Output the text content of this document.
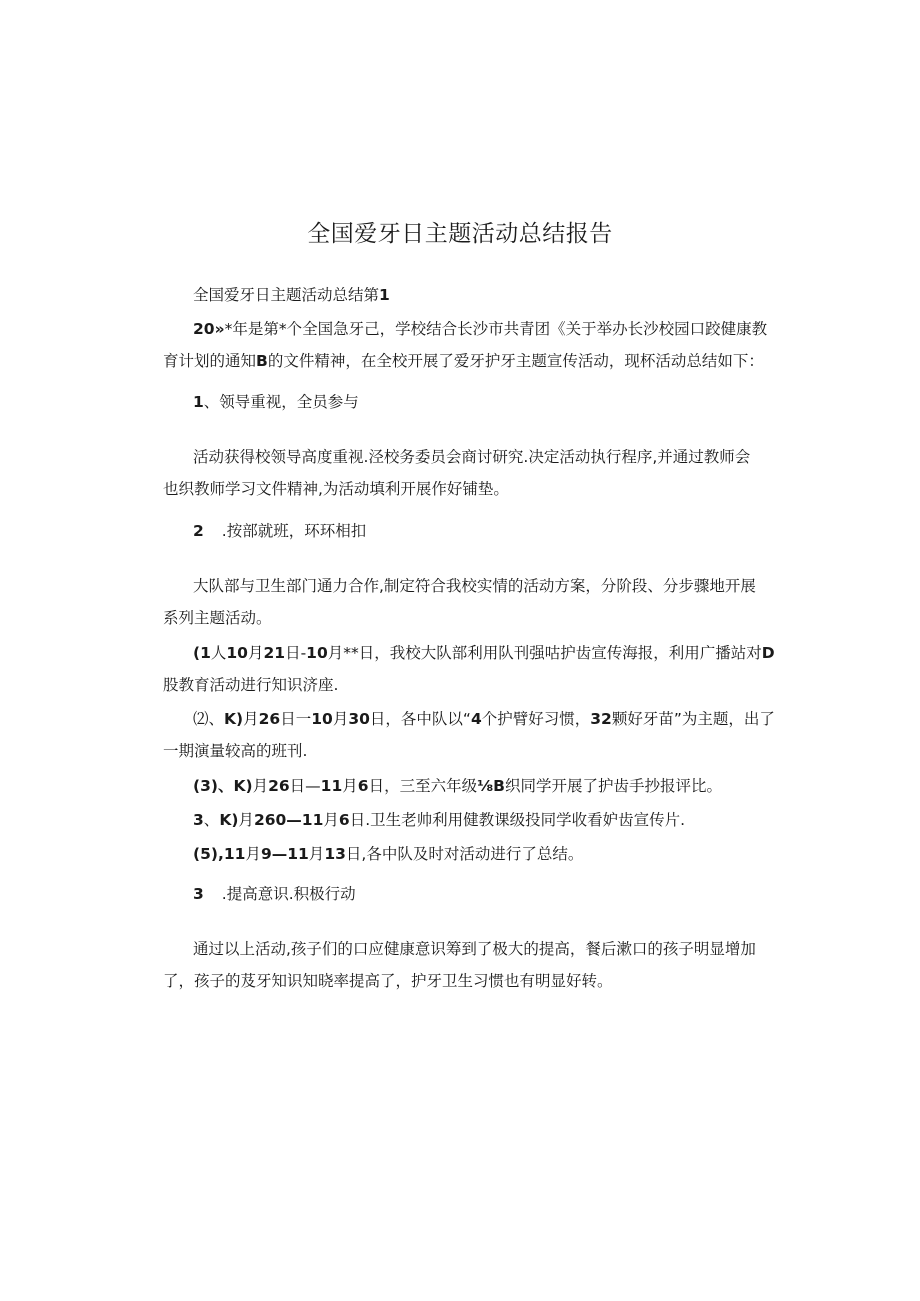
全国爱牙日主题活动总结报告
全国爱牙日主题活动总结第1
20»*年是第*个全国急牙己，学校结合长沙市共青团《关于举办长沙校园口跤健康教
育计划的通知B的文件精神，在全校开展了爱牙护牙主题宣传活动，现杯活动总结如下：
1、领导重视，全员参与
活动获得校领导高度重视.泾校务委员会商讨研究.决定活动执行程序,并通过教师会
也织教师学习文件精神,为活动填利开展作好铺垫。
2 .按部就班，环环相扣
大队部与卫生部门通力合作,制定符合我校实情的活动方案，分阶段、分步骤地开展
系列主题活动。
(1人10月21日-10月**日，我校大队部利用队刊强咕护齿宣传海报，利用广播站对D
股教育活动进行知识济座.
⑵、K)月26日一10月30日，各中队以“4个护臂好习惯，32颗好牙苗”为主题，出了
一期演量较高的班刊.
(3)、K)月26日—11月6日，三至六年级⅛B织同学开展了护齿手抄报评比。
3、K)月260—11月6日.卫生老帅利用健教课级投同学收看妒齿宣传片.
(5),11月9—11月13日,各中队及时对活动进行了总结。
3 .提高意识.积极行动
通过以上活动,孩子们的口应健康意识筹到了极大的提高，餐后漱口的孩子明显增加
了，孩子的芨牙知识知晓率提高了，护牙卫生习惯也有明显好转。
